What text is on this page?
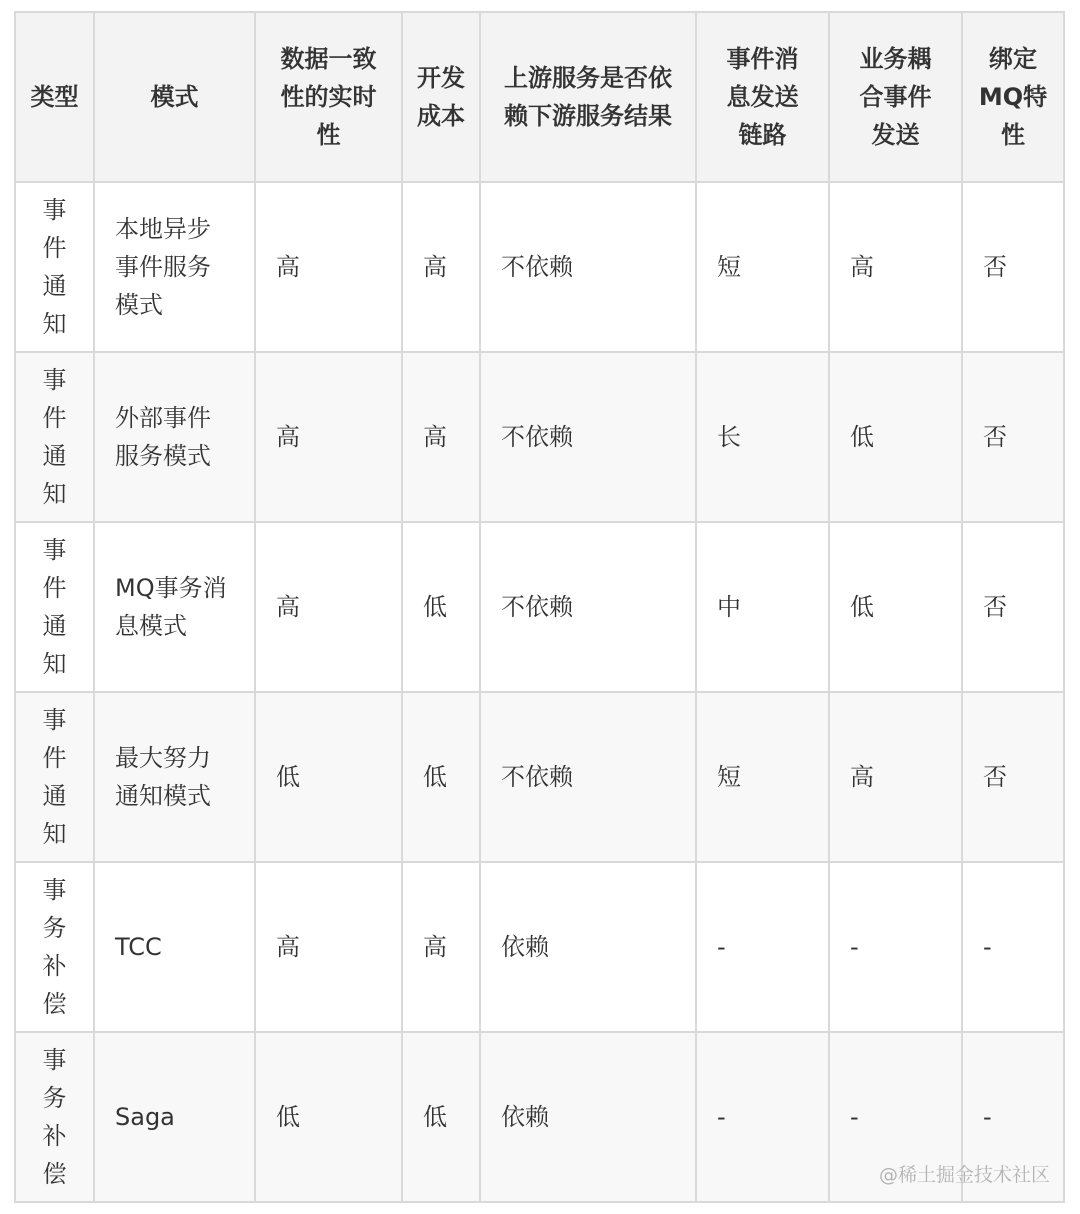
类型	模式	数据一致性的实时性	开发成本	上游服务是否依赖下游服务结果	事件消息发送链路	业务耦合事件发送	绑定MQ特性
事件通知	本地异步事件服务模式	高	高	不依赖	短	高	否
事件通知	外部事件服务模式	高	高	不依赖	长	低	否
事件通知	MQ事务消息模式	高	低	不依赖	中	低	否
事件通知	最大努力通知模式	低	低	不依赖	短	高	否
事务补偿	TCC	高	高	依赖	-	-	-
事务补偿	Saga	低	低	依赖	-	-	-
@稀土掘金技术社区
